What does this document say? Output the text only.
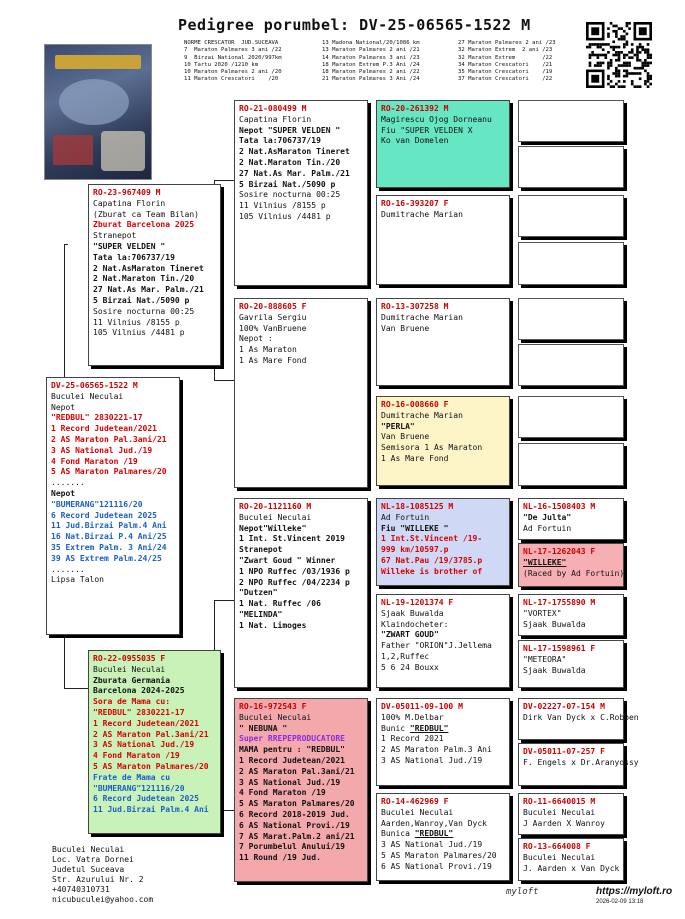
Pedigree porumbel: DV-25-06565-1522 M
NORME CRESCATOR  JUD.SUCEAVA
7  Maraton Palmares 3 ani /22
9  Birzai National 2020/997km
10 Tartu 2020 /1210 km
10 Maraton Palmares 2 ani /20
11 Maraton Crescatori    /20
13 Madona National/20/1086 km
13 Maraton Palmares 2 ani /21
14 Maraton Palmares 3 ani /23
18 Maraton Extrem P.3 Ani /24
18 Maraton Palmares 2 ani /22
21 Maraton Palmares 3 Ani /24
27 Maraton Palmares 2 ani /23
32 Maraton Extrem  2 ani /23
32 Maraton Extrem        /22
34 Maraton Crescatori    /21
35 Maraton Crescatori    /19
37 Maraton Crescatori    /22
DV-25-06565-1522 M
Buculei Neculai
Nepot
"REDBUL" 2830221-17
1 Record Judetean/2021
2 AS Maraton Pal.3ani/21
3 AS National Jud./19
4 Fond Maraton /19
5 AS Maraton Palmares/20
.......
Nepot
"BUMERANG"121116/20
6 Record Judetean 2025
11 Jud.Birzai Palm.4 Ani
16 Nat.Birzai P.4 Ani/25
35 Extrem Palm. 3 Ani/24
39 AS Extrem Palm.24/25
.......
Lipsa Talon
RO-23-967409 M
Capatina Florin
(Zburat ca Team Bilan)
Zburat Barcelona 2025
Stranepot
"SUPER VELDEN "
Tata la:706737/19
2 Nat.AsMaraton Tineret
2 Nat.Maraton Tin./20
27 Nat.As Mar. Palm./21
5 Birzai Nat./5090 p
Sosire nocturna 00:25
11 Vilnius /8155 p
105 Vilnius /4481 p
RO-22-0955035 F
Buculei Neculai
Zburata Germania
Barcelona 2024-2025
Sora de Mama cu:
"REDBUL" 2830221-17
1 Record Judetean/2021
2 AS Maraton Pal.3ani/21
3 AS National Jud./19
4 Fond Maraton /19
5 AS Maraton Palmares/20
Frate de Mama cu
"BUMERANG"121116/20
6 Record Judetean 2025
11 Jud.Birzai Palm.4 Ani
RO-21-080499 M
Capatina Florin
Nepot "SUPER VELDEN "
Tata la:706737/19
2 Nat.AsMaraton Tineret
2 Nat.Maraton Tin./20
27 Nat.As Mar. Palm./21
5 Birzai Nat./5090 p
Sosire nocturna 00:25
11 Vilnius /8155 p
105 Vilnius /4481 p
RO-20-888605 F
Gavrila Sergiu
100% VanBruene
Nepot :
1 As Maraton
1 As Mare Fond
RO-20-1121160 M
Buculei Neculai
Nepot"Willeke"
1 Int. St.Vincent 2019
Stranepot
"Zwart Goud " Winner
1 NPO Ruffec /03/1936 p
2 NPO Ruffec /04/2234 p
"Dutzen"
1 Nat. Ruffec /06
"MELINDA"
1 Nat. Limoges
RO-16-972543 F
Buculei Neculai
" NEBUNA "
Super RREPEPRODUCATORE
MAMA pentru : "REDBUL"
1 Record Judetean/2021
2 AS Maraton Pal.3ani/21
3 AS National Jud./19
4 Fond Maraton /19
5 AS Maraton Palmares/20
6 Record 2018-2019 Jud.
6 AS National Provi./19
7 AS Marat.Palm.2 ani/21
7 Porumbelul Anului/19
11 Round /19 Jud.
RO-20-261392 M
Magirescu Ojog Dorneanu
Fiu "SUPER VELDEN X
Ko van Domelen
RO-16-393207 F
Dumitrache Marian
RO-13-307258 M
Dumitrache Marian
Van Bruene
RO-16-008660 F
Dumitrache Marian
"PERLA"
Van Bruene
Semisora 1 As Maraton
1 As Mare Fond
NL-18-1085125 M
Ad Fortuin
Fiu "WILLEKE "
1 Int.St.Vincent /19-
999 km/10597.p
67 Nat.Pau /19/3785.p
Willeke is brother of
NL-19-1201374 F
Sjaak Buwalda
Klaindocheter:
"ZWART GOUD"
Father "ORION"J.Jellema
1,2,Ruffec
5 6 24 Bouxx
DV-05011-09-100 M
100% M.Delbar
Bunic "REDBUL"
1 Record 2021
2 AS Maraton Palm.3 Ani
3 AS National Jud./19
RO-14-462969 F
Buculei Neculai
Aarden,Wanroy,Van Dyck
Bunica "REDBUL"
3 AS National Jud./19
5 AS Maraton Palmares/20
6 AS National Provi./19
NL-16-1508403 M
"De Julta"
Ad Fortuin
NL-17-1262043 F
"WILLEKE"
(Raced by Ad Fortuin)
NL-17-1755890 M
"VORTEX"
Sjaak Buwalda
NL-17-1598961 F
"METEORA"
Sjaak Buwalda
DV-02227-07-154 M
Dirk Van Dyck x C.Robben
DV-05011-07-257 F
F. Engels x Dr.Aranyossy
RO-11-6640015 M
Buculei Neculai
J Aarden X Wanroy
RO-13-664008 F
Buculei Neculai
J. Aarden x Van Dyck
Buculei Neculai
Loc. Vatra Dornei
Judetul Suceava
Str. Azurului Nr. 2
+40740310731
nicubuculei@yahoo.com
myloft	https://myloft.ro
2026-02-09 13:18
